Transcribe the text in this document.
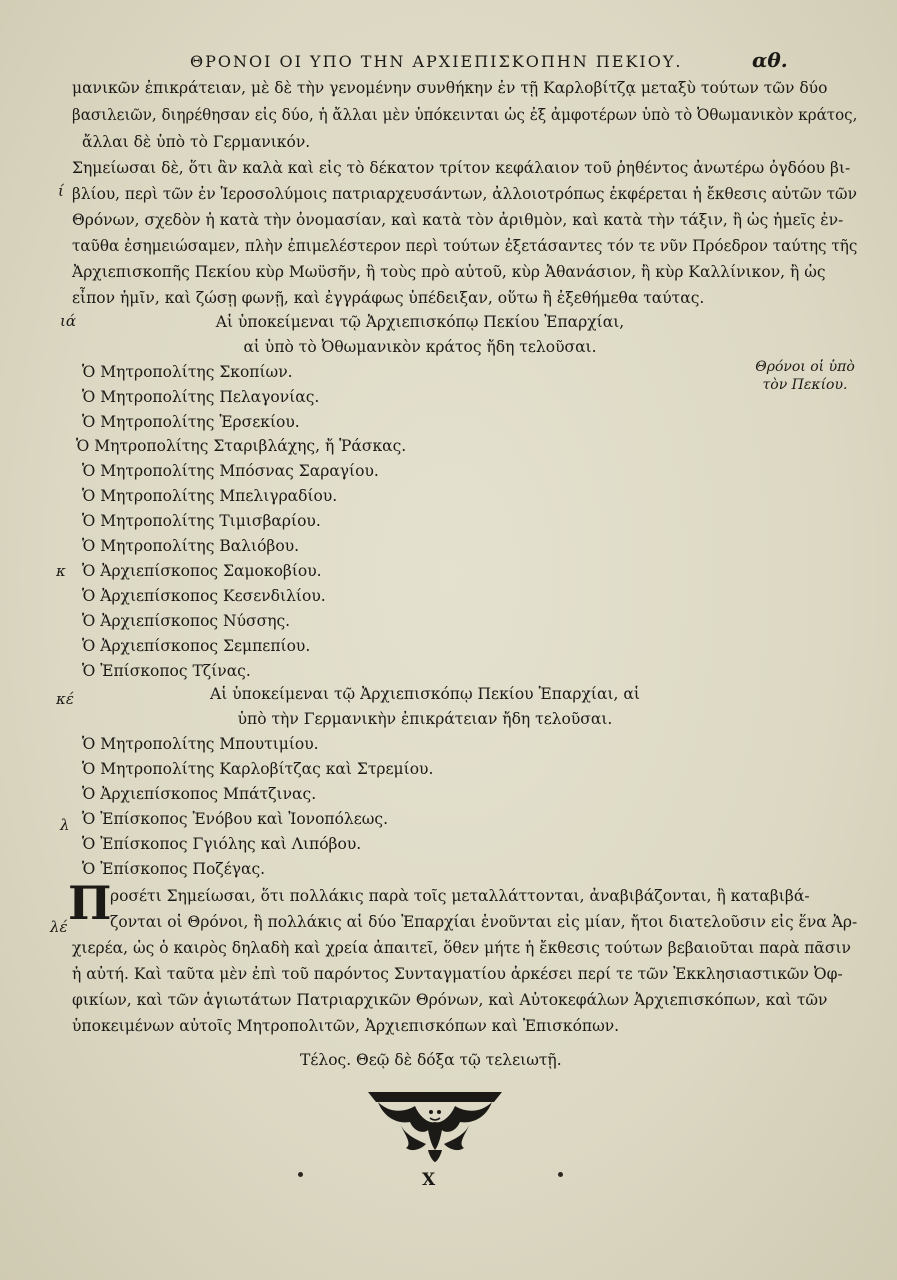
ΘΡΟΝΟΙ ΟΙ ΥΠΟ ΤΗΝ ΑΡΧΙΕΠΙΣΚΟΠΗΝ ΠΕΚΙΟΥ.	αθ.
μανικῶν ἐπικράτειαν, μὲ δὲ τὴν γενομένην συνθήκην ἐν τῇ Καρλοβίτζᾳ μεταξὺ τούτων τῶν δύο
βασιλειῶν, διηρέθησαν εἰς δύο, ἡ ἄλλαι μὲν ὑπόκεινται ὡς ἐξ ἀμφοτέρων ὑπὸ τὸ Ὀθωμανικὸν κράτος,
ἄλλαι δὲ ὑπὸ τὸ Γερμανικόν.
Σημείωσαι δὲ, ὅτι ἂν καλὰ καὶ εἰς τὸ δέκατον τρίτον κεφάλαιον τοῦ ῥηθέντος ἀνωτέρω ὀγδόου βι-
βλίου, περὶ τῶν ἐν Ἱεροσολύμοις πατριαρχευσάντων, ἀλλοιοτρόπως ἐκφέρεται ἡ ἔκθεσις αὐτῶν τῶν
Θρόνων, σχεδὸν ἡ κατὰ τὴν ὀνομασίαν, καὶ κατὰ τὸν ἀριθμὸν, καὶ κατὰ τὴν τάξιν, ἢ ὡς ἡμεῖς ἐν-
ταῦθα ἐσημειώσαμεν, πλὴν ἐπιμελέστερον περὶ τούτων ἐξετάσαντες τόν τε νῦν Πρόεδρον ταύτης τῆς
Ἀρχιεπισκοπῆς Πεκίου κὺρ Μωϋσῆν, ἢ τοὺς πρὸ αὐτοῦ, κὺρ Ἀθανάσιον, ἢ κὺρ Καλλίνικον, ἢ ὡς
εἶπον ἡμῖν, καὶ ζώσῃ φωνῇ, καὶ ἐγγράφως ὑπέδειξαν, οὕτω ἢ ἐξεθήμεθα ταύτας.
ί
ιά
κ
κέ
λ
λέ
Αἱ ὑποκείμεναι τῷ Ἀρχιεπισκόπῳ Πεκίου Ἐπαρχίαι,
αἱ ὑπὸ τὸ Ὀθωμανικὸν κράτος ἤδη τελοῦσαι.
Θρόνοι οἱ ὑπὸ
τὸν Πεκίου.
Ὁ Μητροπολίτης Σκοπίων.
Ὁ Μητροπολίτης Πελαγονίας.
Ὁ Μητροπολίτης Ἐρσεκίου.
Ὁ Μητροπολίτης Σταριβλάχης, ἤ Ῥάσκας.
Ὁ Μητροπολίτης Μπόσνας Σαραγίου.
Ὁ Μητροπολίτης Μπελιγραδίου.
Ὁ Μητροπολίτης Τιμισβαρίου.
Ὁ Μητροπολίτης Βαλιόβου.
Ὁ Ἀρχιεπίσκοπος Σαμοκοβίου.
Ὁ Ἀρχιεπίσκοπος Κεσενδιλίου.
Ὁ Ἀρχιεπίσκοπος Νύσσης.
Ὁ Ἀρχιεπίσκοπος Σεμπεπίου.
Ὁ Ἐπίσκοπος Τζίνας.
Αἱ ὑποκείμεναι τῷ Ἀρχιεπισκόπῳ Πεκίου Ἐπαρχίαι, αἱ
ὑπὸ τὴν Γερμανικὴν ἐπικράτειαν ἤδη τελοῦσαι.
Ὁ Μητροπολίτης Μπουτιμίου.
Ὁ Μητροπολίτης Καρλοβίτζας καὶ Στρεμίου.
Ὁ Ἀρχιεπίσκοπος Μπάτζινας.
Ὁ Ἐπίσκοπος Ἐνόβου καὶ Ἰονοπόλεως.
Ὁ Ἐπίσκοπος Γγιόλης καὶ Λιπόβου.
Ὁ Ἐπίσκοπος Ποζέγας.
Π
ροσέτι Σημείωσαι, ὅτι πολλάκις παρὰ τοῖς μεταλλάττονται, ἀναβιβάζονται, ἢ καταβιβά-
ζονται οἱ Θρόνοι, ἢ πολλάκις αἱ δύο Ἐπαρχίαι ἑνοῦνται εἰς μίαν, ἤτοι διατελοῦσιν εἰς ἕνα Ἀρ-
χιερέα, ὡς ὁ καιρὸς δηλαδὴ καὶ χρεία ἀπαιτεῖ, ὅθεν μήτε ἡ ἔκθεσις τούτων βεβαιοῦται παρὰ πᾶσιν
ἡ αὐτή. Καὶ ταῦτα μὲν ἐπὶ τοῦ παρόντος Συνταγματίου ἀρκέσει περί τε τῶν Ἐκκλησιαστικῶν Ὀφ-
φικίων, καὶ τῶν ἁγιωτάτων Πατριαρχικῶν Θρόνων, καὶ Αὐτοκεφάλων Ἀρχιεπισκόπων, καὶ τῶν
ὑποκειμένων αὐτοῖς Μητροπολιτῶν, Ἀρχιεπισκόπων καὶ Ἐπισκόπων.
Τέλος. Θεῷ δὲ δόξα τῷ τελειωτῇ.
X
